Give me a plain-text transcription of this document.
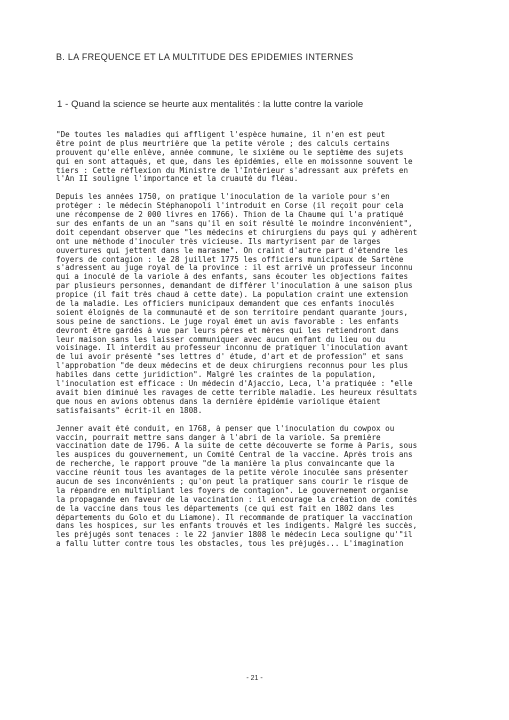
B. LA FREQUENCE ET LA MULTITUDE DES EPIDEMIES INTERNES
1 - Quand la science se heurte aux mentalités : la lutte contre la variole
"De toutes les maladies qui affligent l'espèce humaine, il n'en est peut
être point de plus meurtrière que la petite vérole ; des calculs certains
prouvent qu'elle enlève, année commune, le sixième ou le septième des sujets
qui en sont attaqués, et que, dans les épidémies, elle en moissonne souvent le
tiers : Cette réflexion du Ministre de l'Intérieur s'adressant aux préfets en
l'An II souligne l'importance et la cruauté du fléau.
Depuis les années 1750, on pratique l'inoculation de la variole pour s'en
protéger : le médecin Stéphanopoli l'introduit en Corse (il reçoit pour cela
une récompense de 2 000 livres en 1766). Thion de la Chaume qui l'a pratiqué
sur des enfants de un an "sans qu'il en soit résulté le moindre inconvénient",
doit cependant observer que "les médecins et chirurgiens du pays qui y adhèrent
ont une méthode d'inoculer très vicieuse. Ils martyrisent par de larges
ouvertures qui jettent dans le marasme". On craint d'autre part d'étendre les
foyers de contagion : le 28 juillet 1775 les officiers municipaux de Sartène
s'adressent au juge royal de la province : il est arrivé un professeur inconnu
qui a inoculé de la variole à des enfants, sans écouter les objections faites
par plusieurs personnes, demandant de différer l'inoculation à une saison plus
propice (il fait très chaud à cette date). La population craint une extension
de la maladie. Les officiers municipaux demandent que ces enfants inoculés
soient éloignés de la communauté et de son territoire pendant quarante jours,
sous peine de sanctions. Le juge royal émet un avis favorable : les enfants
devront être gardés à vue par leurs pères et mères qui les retiendront dans
leur maison sans les laisser communiquer avec aucun enfant du lieu ou du
voisinage. Il interdit au professeur inconnu de pratiquer l'inoculation avant
de lui avoir présenté "ses lettres d' étude, d'art et de profession" et sans
l'approbation "de deux médecins et de deux chirurgiens reconnus pour les plus
habiles dans cette juridiction". Malgré les craintes de la population,
l'inoculation est efficace : Un médecin d'Ajaccio, Leca, l'a pratiquée : "elle
avait bien diminué les ravages de cette terrible maladie. Les heureux résultats
que nous en avions obtenus dans la dernière épidémie variolique étaient
satisfaisants" écrit-il en 1808.
Jenner avait été conduit, en 1768, à penser que l'inoculation du cowpox ou
vaccin, pourrait mettre sans danger à l'abri de la variole. Sa première
vaccination date de 1796. A la suite de cette découverte se forme à Paris, sous
les auspices du gouvernement, un Comité Central de la vaccine. Après trois ans
de recherche, le rapport prouve "de la manière la plus convaincante que la
vaccine réunit tous les avantages de la petite vérole inoculée sans présenter
aucun de ses inconvénients ; qu'on peut la pratiquer sans courir le risque de
la répandre en multipliant les foyers de contagion". Le gouvernement organise
la propagande en faveur de la vaccination : il encourage la création de comités
de la vaccine dans tous les départements (ce qui est fait en 1802 dans les
départements du Golo et du Liamone). Il recommande de pratiquer la vaccination
dans les hospices, sur les enfants trouvés et les indigents. Malgré les succès,
les préjugés sont tenaces : le 22 janvier 1808 le médecin Leca souligne qu'"il
a fallu lutter contre tous les obstacles, tous les préjugés... L'imagination
- 21 -
